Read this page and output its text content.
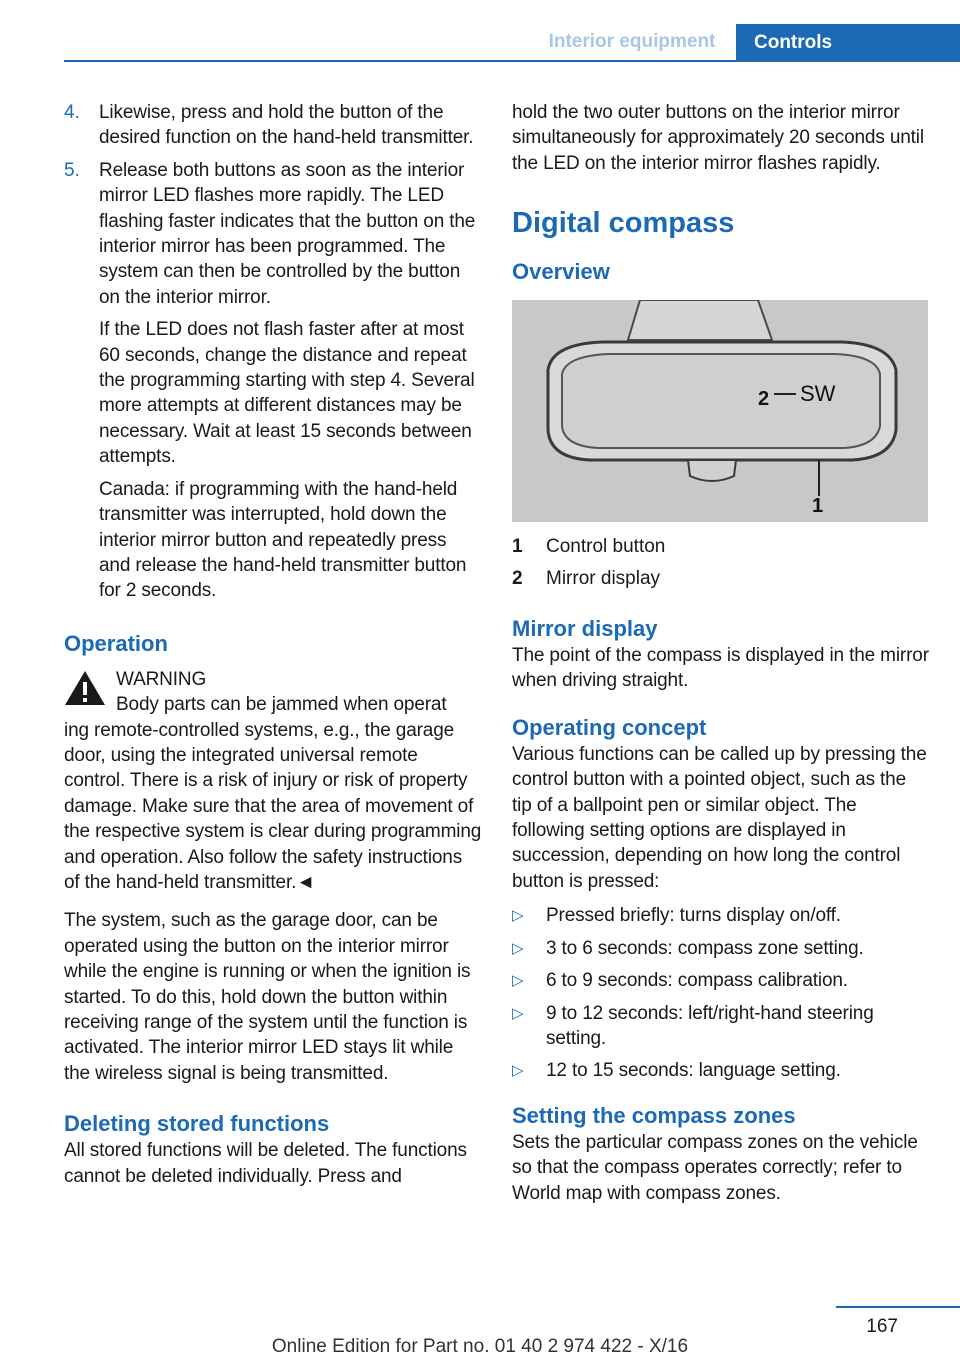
Interior equipment	Controls
4. Likewise, press and hold the button of the desired function on the hand-held transmitter.

5. Release both buttons as soon as the interior mirror LED flashes more rapidly. The LED flashing faster indicates that the button on the interior mirror has been programmed. The system can then be controlled by the button on the interior mirror.

If the LED does not flash faster after at most 60 seconds, change the distance and repeat the programming starting with step 4. Several more attempts at different distances may be necessary. Wait at least 15 seconds between attempts.

Canada: if programming with the hand-held transmitter was interrupted, hold down the interior mirror button and repeatedly press and release the hand-held transmitter button for 2 seconds.

Operation

WARNING

Body parts can be jammed when operat

ing remote-controlled systems, e.g., the garage door, using the integrated universal remote control. There is a risk of injury or risk of property damage. Make sure that the area of movement of the respective system is clear during programming and operation. Also follow the safety instructions of the hand-held transmitter.◄

The system, such as the garage door, can be operated using the button on the interior mirror while the engine is running or when the ignition is started. To do this, hold down the button within receiving range of the system until the function is activated. The interior mirror LED stays lit while the wireless signal is being transmitted.

Deleting stored functions

All stored functions will be deleted. The functions cannot be deleted individually. Press and

hold the two outer buttons on the interior mirror simultaneously for approximately 20 seconds until the LED on the interior mirror flashes rapidly.

Digital compass
Overview
SW
2
1
1	Control button
2	Mirror display
Mirror display

The point of the compass is displayed in the mirror when driving straight.

Operating concept

Various functions can be called up by pressing the control button with a pointed object, such as the tip of a ballpoint pen or similar object. The following setting options are displayed in succession, depending on how long the control button is pressed:

▷ Pressed briefly: turns display on/off.
▷ 3 to 6 seconds: compass zone setting.
▷ 6 to 9 seconds: compass calibration.
▷ 9 to 12 seconds: left/right-hand steering setting.
▷ 12 to 15 seconds: language setting.
Setting the compass zones

Sets the particular compass zones on the vehicle so that the compass operates correctly; refer to World map with compass zones.

167
Online Edition for Part no. 01 40 2 974 422 - X/16
